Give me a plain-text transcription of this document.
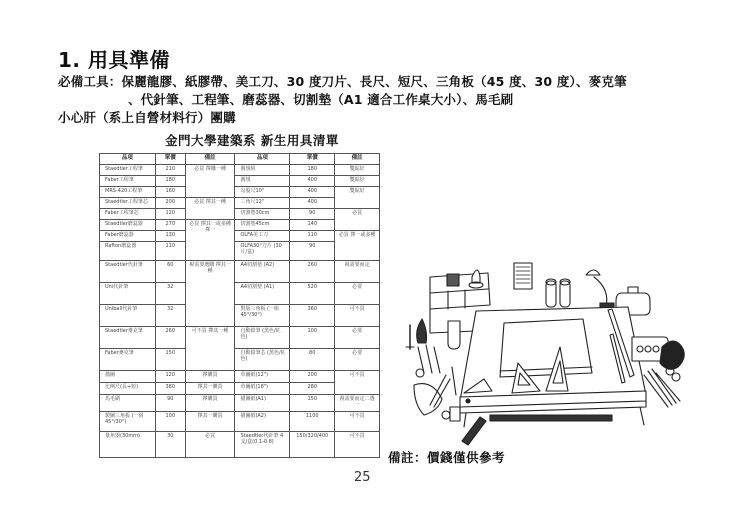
1. 用具準備
必備工具：保麗龍膠、紙膠帶、美工刀、30 度刀片、長尺、短尺、三角板（45 度、30 度）、麥克筆
、代針筆、工程筆、磨蕊器、切割墊（A1 適合工作桌大小）、馬毛刷
小心肝（系上自營材料行）團購
金門大學建築系 新生用具清單
品項	單價	備註	品項	單價	備註
Staedtler工程筆	210	必買 擇購一種	圓規組	180	雙貼好
Faber工程筆	180		圓規	400	雙貼好
MRS-420工程筆	160		勾股尺10"	400	雙貼好
Staedtler工程筆芯	200	必買 擇其一種	三角尺12"	400	
Faber工程筆芯	120		切割墊30cm	90	必買
Staedtler磨蕊器	270	必買 擇其一或多種 擇一	切割墊45cm	140	
Faber磨蕊器	130		OLFA美工刀	110	必買 擇一或多種
Rafton磨蕊器	110		OLFA30°刀片 (30片/盒)	90	
Staedtler代針筆	60	視需要選購 擇其一種	A4切割墊 (A2)	260	視需要而定
Uni代針筆	32		A4切割墊 (A1)	520	必要
Uniball代針筆	32		對版三角板 (一組45°/30°)	360	可不買
Staedtler麥克筆	260	可不買 擇其一種	自動鉛筆 (黑色/紅色)	100	必要
Faber麥克筆	150		自動鉛筆芯 (黑色/紅色)	80	必要
描圖	120	擇購買	草圖紙(12")	200	可不買
比例尺(長+短)	380	擇其一購買	草圖紙(18")	280	
馬毛刷	90	擇購買	描圖紙(A1)	150	視需要而定二選一
製圖三角板 (一組45°/30°)	100	擇其一購買	描圖紙(A2)	1100	可不買
量角器(30mm)	30	必買	Staedtler代針筆 4支/盒(0.1-0.8)	150/320/400	可不買
備註：價錢僅供參考
25
